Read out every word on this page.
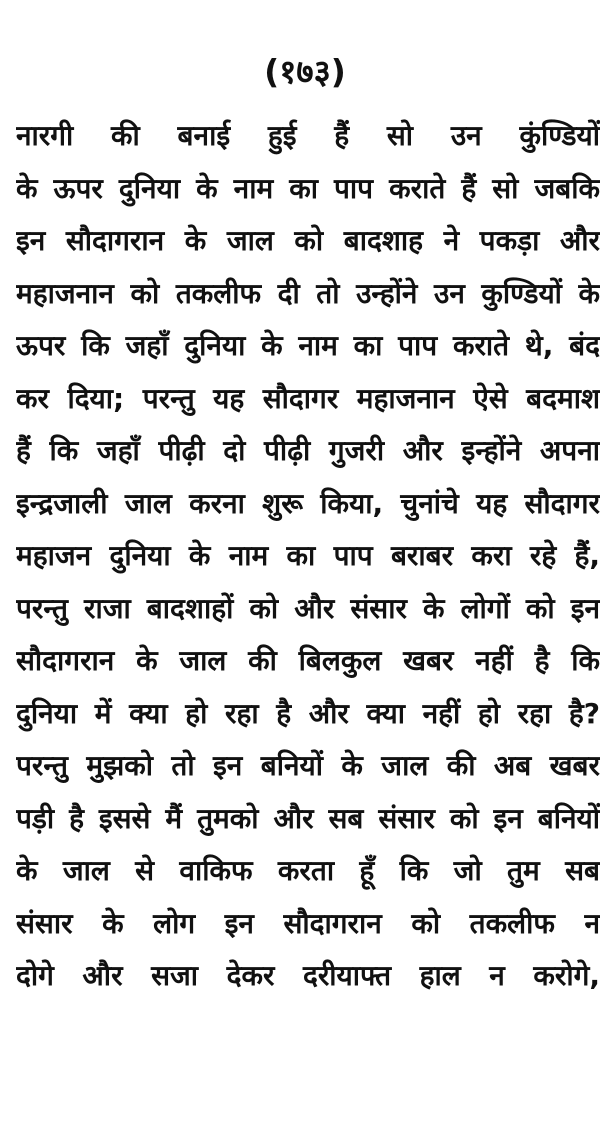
(१७३)
नारगी की बनाई हुई हैं सो उन कुंण्डियों
के ऊपर दुनिया के नाम का पाप कराते हैं सो जबकि
इन सौदागरान के जाल को बादशाह ने पकड़ा और
महाजनान को तकलीफ दी तो उन्होंने उन कुण्डियों के
ऊपर कि जहाँ दुनिया के नाम का पाप कराते थे, बंद
कर दिया; परन्तु यह सौदागर महाजनान ऐसे बदमाश
हैं कि जहाँ पीढ़ी दो पीढ़ी गुजरी और इन्होंने अपना
इन्द्रजाली जाल करना शुरू किया, चुनांचे यह सौदागर
महाजन दुनिया के नाम का पाप बराबर करा रहे हैं,
परन्तु राजा बादशाहों को और संसार के लोगों को इन
सौदागरान के जाल की बिलकुल खबर नहीं है कि
दुनिया में क्या हो रहा है और क्या नहीं हो रहा है?
परन्तु मुझको तो इन बनियों के जाल की अब खबर
पड़ी है इससे मैं तुमको और सब संसार को इन बनियों
के जाल से वाकिफ करता हूँ कि जो तुम सब
संसार के लोग इन सौदागरान को तकलीफ न
दोगे और सजा देकर दरीयाफ्त हाल न करोगे,
